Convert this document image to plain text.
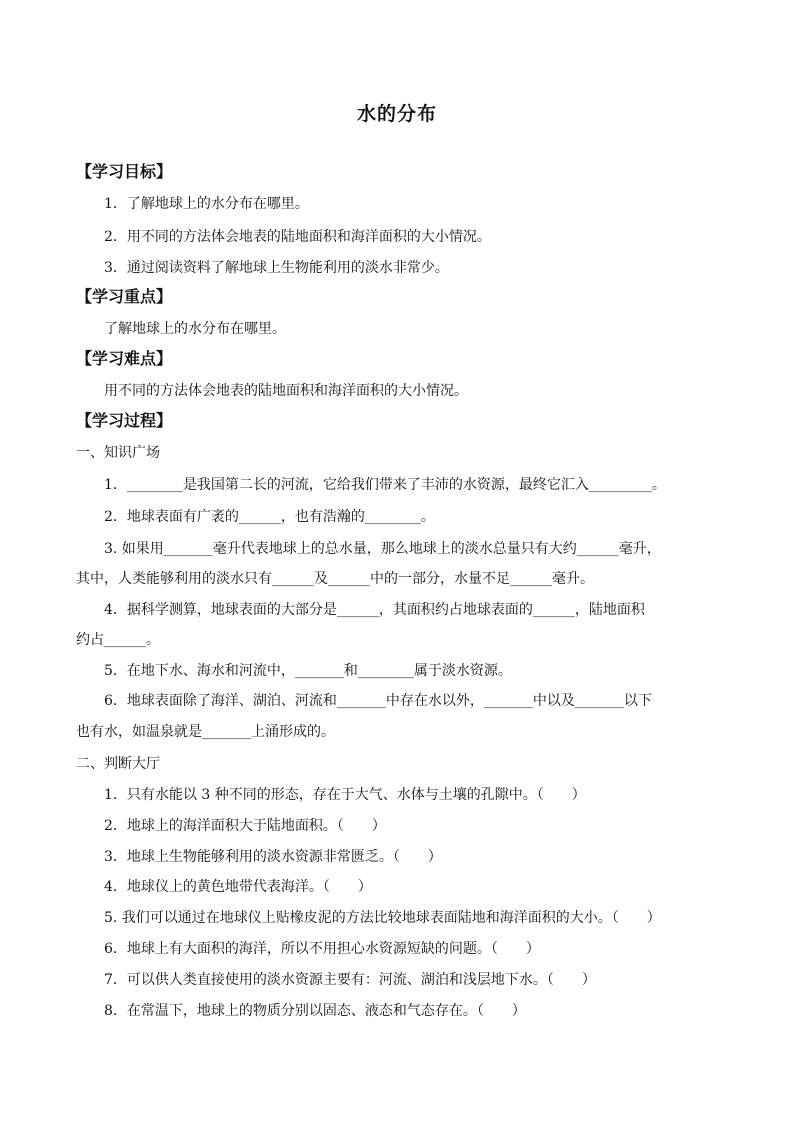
水的分布
【学习目标】
1．了解地球上的水分布在哪里。
2．用不同的方法体会地表的陆地面积和海洋面积的大小情况。
3．通过阅读资料了解地球上生物能利用的淡水非常少。
【学习重点】
了解地球上的水分布在哪里。
【学习难点】
用不同的方法体会地表的陆地面积和海洋面积的大小情况。
【学习过程】
一、知识广场
1．________是我国第二长的河流，它给我们带来了丰沛的水资源，最终它汇入_________。
2．地球表面有广袤的______，也有浩瀚的________。
3. 如果用_______毫升代表地球上的总水量，那么地球上的淡水总量只有大约______毫升，
其中，人类能够利用的淡水只有______及______中的一部分，水量不足______毫升。
4．据科学测算，地球表面的大部分是______，其面积约占地球表面的______，陆地面积
约占______。
5．在地下水、海水和河流中，_______和________属于淡水资源。
6．地球表面除了海洋、湖泊、河流和_______中存在水以外，_______中以及_______以下
也有水，如温泉就是_______上涌形成的。
二、判断大厅
1．只有水能以 3 种不同的形态，存在于大气、水体与土壤的孔隙中。（　　）
2．地球上的海洋面积大于陆地面积。（　　）
3．地球上生物能够利用的淡水资源非常匮乏。（　　）
4．地球仪上的黄色地带代表海洋。（　　）
5. 我们可以通过在地球仪上贴橡皮泥的方法比较地球表面陆地和海洋面积的大小。（　　）
6．地球上有大面积的海洋，所以不用担心水资源短缺的问题。（　　）
7．可以供人类直接使用的淡水资源主要有：河流、湖泊和浅层地下水。（　　）
8．在常温下，地球上的物质分别以固态、液态和气态存在。（　　）
